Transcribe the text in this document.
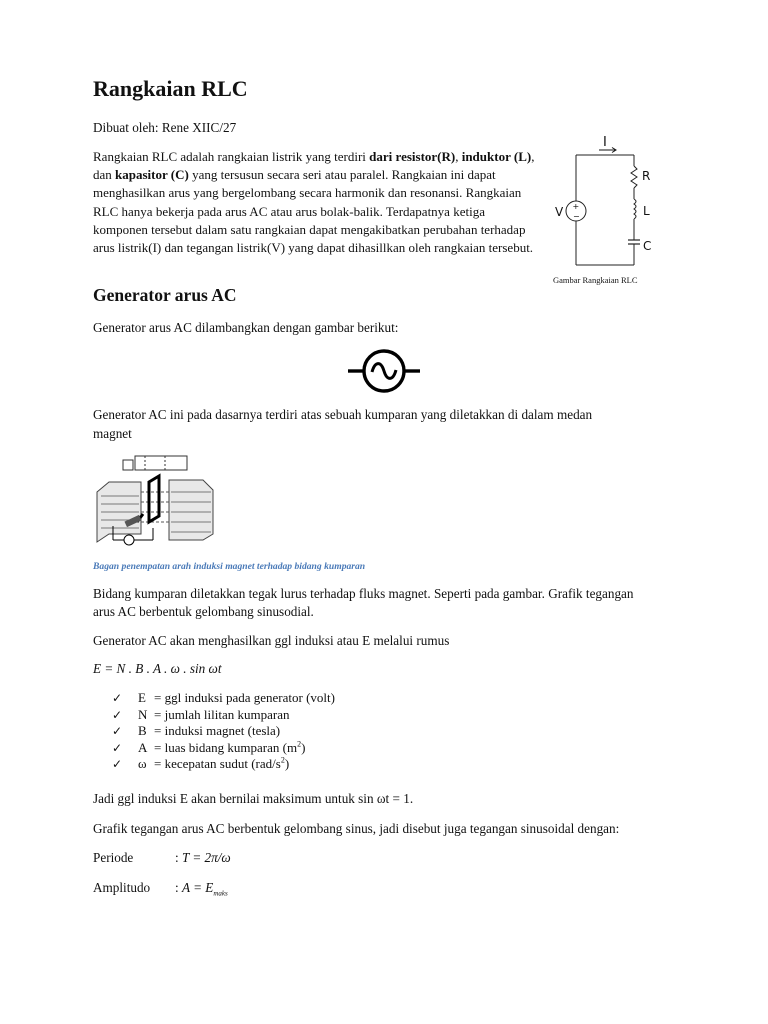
Rangkaian RLC
Dibuat oleh: Rene XIIC/27
Rangkaian RLC adalah rangkaian listrik yang terdiri dari resistor(R), induktor (L), dan kapasitor (C) yang tersusun secara seri atau paralel. Rangkaian ini dapat menghasilkan arus yang bergelombang secara harmonik dan resonansi. Rangkaian RLC hanya bekerja pada arus AC atau arus bolak-balik. Terdapatnya ketiga komponen tersebut dalam satu rangkaian dapat mengakibatkan perubahan terhadap arus listrik(I) dan tegangan listrik(V) yang dapat dihasillkan oleh rangkaian tersebut.
I
+
−
V
R
L
C
Gambar Rangkaian RLC
Generator arus AC
Generator arus AC dilambangkan dengan gambar berikut:
Generator AC ini pada dasarnya terdiri atas sebuah kumparan yang diletakkan di dalam medan
magnet
Bagan penempatan arah induksi magnet terhadap bidang kumparan
Bidang kumparan diletakkan tegak lurus terhadap fluks magnet. Seperti pada gambar. Grafik tegangan
arus AC berbentuk gelombang sinusodial.
Generator AC akan menghasilkan ggl induksi atau E melalui rumus
E = N . B . A . ω . sin ωt
✓ E = ggl induksi pada generator (volt)
✓ N = jumlah lilitan kumparan
✓ B = induksi magnet (tesla)
✓ A = luas bidang kumparan $(m^2)$
✓ ω = kecepatan sudut $(rad/s^2)$
Jadi ggl induksi E akan bernilai maksimum untuk sin ωt = 1.
Grafik tegangan arus AC berbentuk gelombang sinus, jadi disebut juga tegangan sinusoidal dengan:
Periode	: T = 2π/ω
Amplitudo : $A = E_{maks}$
